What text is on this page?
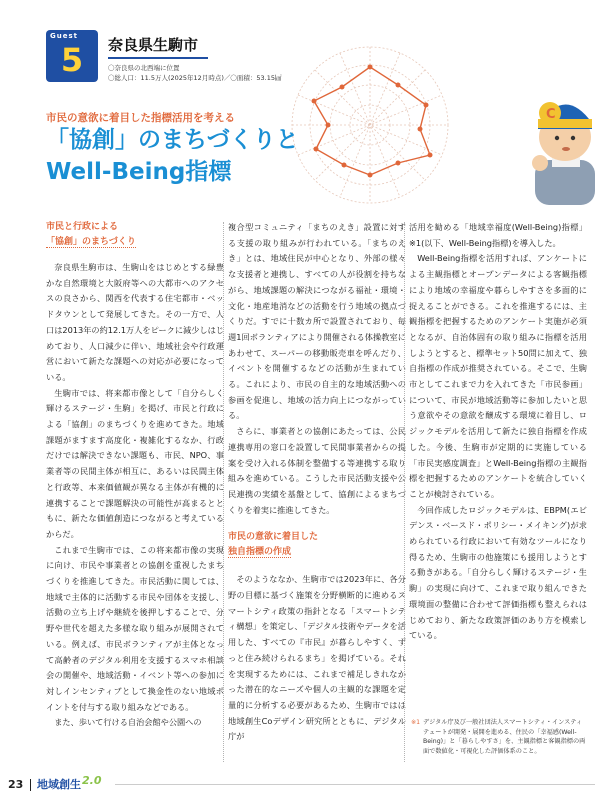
Guest
5	奈良県生駒市
〇奈良県の北西端に位置
〇総人口：11.5万人(2025年12月時点)／〇面積：53.15㎢
C
市民の意欲に着目した指標活用を考える
「協創」のまちづくりと
Well-Being指標
市民と行政による
「協創」のまちづくり

奈良県生駒市は、生駒山をはじめとする緑豊かな自然環境と大阪府等への大都市へのアクセスの良さから、関西を代表する住宅都市・ベッドタウンとして発展してきた。その一方で、人口は2013年の約12.1万人をピークに減少しはじめており、人口減少に伴い、地域社会や行政運営において新たな課題への対応が必要になっている。

生駒市では、将来都市像として「自分らしく輝けるステージ・生駒」を掲げ、市民と行政による「協創」のまちづくりを進めてきた。地域課題がますます高度化・複雑化するなか、行政だけでは解決できない課題も、市民、NPO、事業者等の民間主体が相互に、あるいは民間主体と行政等、本来価値観が異なる主体が有機的に連携することで課題解決の可能性が高まるとともに、新たな価値創造につながると考えているからだ。

これまで生駒市では、この将来都市像の実現に向け、市民や事業者との協創を重視したまちづくりを推進してきた。市民活動に関しては、地域で主体的に活動する市民や団体を支援し、活動の立ち上げや継続を後押しすることで、分野や世代を超えた多様な取り組みが展開されている。例えば、市民ボランティアが主体となって高齢者のデジタル利用を支援するスマホ相談会の開催や、地域活動・イベント等への参加に対しインセンティブとして換金性のない地域ポイントを付与する取り組みなどである。

また、歩いて行ける自治会館や公園への

複合型コミュニティ「まちのえき」設置に対する支援の取り組みが行われている。「まちのえき」とは、地域住民が中心となり、外部の様々な支援者と連携し、すべての人が役割を持ちながら、地域課題の解決につながる福祉・環境・文化・地産地消などの活動を行う地域の拠点づくりだ。すでに十数カ所で設置されており、毎週1回ボランティアにより開催される体操教室にあわせて、スーパーの移動販売車を呼んだり、イベントを開催するなどの活動が生まれている。これにより、市民の自主的な地域活動への参画を促進し、地域の活力向上につながっている。

さらに、事業者との協創にあたっては、公民連携専用の窓口を設置して民間事業者からの提案を受け入れる体制を整備する等連携する取り組みを進めている。こうした市民活動支援や公民連携の実績を基盤として、協創によるまちづくりを着実に推進してきた。

市民の意欲に着目した
独自指標の作成

そのようななか、生駒市では2023年に、各分野の目標に基づく施策を分野横断的に進めるスマートシティ政策の指針となる「スマートシティ構想」を策定し、「デジタル技術やデータを活用した、すべての『市民』が暮らしやすく、ずっと住み続けられるまち」を掲げている。それを実現するためには、これまで補足しきれなかった潜在的なニーズや個人の主観的な課題を定量的に分析する必要があるため、生駒市ではは地域創生Coデザイン研究所とともに、デジタル庁が

活用を勧める「地域幸福度(Well-Being)指標」※1(以下、Well-Being指標)を導入した。

Well-Being指標を活用すれば、アンケートによる主観指標とオープンデータによる客観指標により地域の幸福度や暮らしやすさを多面的に捉えることができる。これを推進するには、主観指標を把握するためのアンケート実施が必須となるが、自治体固有の取り組みに指標を活用しようとすると、標準セット50問に加えて、独自指標の作成が推奨されている。そこで、生駒市としてこれまで力を入れてきた「市民参画」について、市民が地域活動等に参加したいと思う意欲やその意欲を醸成する環境に着目し、ロジックモデルを活用して新たに独自指標を作成した。今後、生駒市が定期的に実施している「市民実感度調査」とWell-Being指標の主観指標を把握するためのアンケートを統合していくことが検討されている。

今回作成したロジックモデルは、EBPM(エビデンス・ベースド・ポリシー・メイキング)が求められている行政において有効なツールになり得るため、生駒市の他施策にも援用しようとする動きがある。「自分らしく輝けるステージ・生駒」の実現に向けて、これまで取り組んできた環境面の整備に合わせて評価指標も整えられはじめており、新たな政策評価のあり方を模索している。

※1 デジタル庁及び一般社団法人スマートシティ・インスティテュートが開発・展開を進める、住民の「幸福感(Well-Being)」と「暮らしやすさ」を、主観指標と客観指標の両面で数値化・可視化した評価体系のこと。
23 地域創生 2.0
